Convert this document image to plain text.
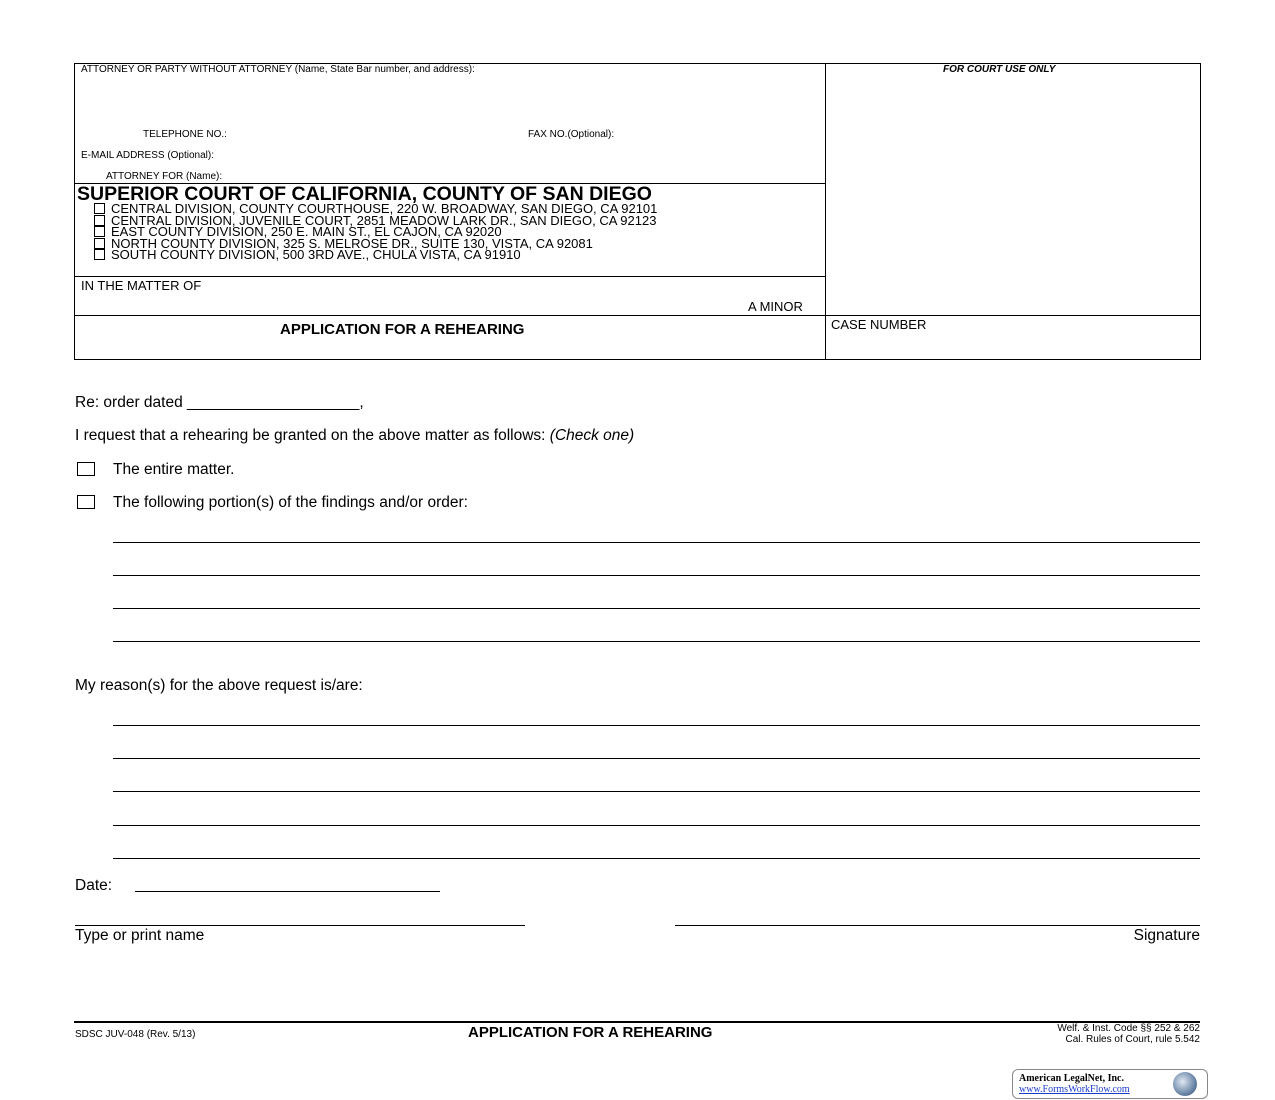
ATTORNEY OR PARTY WITHOUT ATTORNEY (Name, State Bar number, and address):	FOR COURT USE ONLY
TELEPHONE NO.:	FAX NO.(Optional):
E-MAIL ADDRESS (Optional):
ATTORNEY FOR (Name):
SUPERIOR COURT OF CALIFORNIA, COUNTY OF SAN DIEGO
CENTRAL DIVISION, COUNTY COURTHOUSE, 220 W. BROADWAY, SAN DIEGO, CA 92101
CENTRAL DIVISION, JUVENILE COURT, 2851 MEADOW LARK DR., SAN DIEGO, CA 92123
EAST COUNTY DIVISION, 250 E. MAIN ST., EL CAJON, CA 92020
NORTH COUNTY DIVISION, 325 S. MELROSE DR., SUITE 130, VISTA, CA 92081
SOUTH COUNTY DIVISION, 500 3RD AVE., CHULA VISTA, CA 91910
IN THE MATTER OF
A MINOR
APPLICATION FOR A REHEARING	CASE NUMBER
Re: order dated ____________________,
I request that a rehearing be granted on the above matter as follows: (Check one)
The entire matter.
The following portion(s) of the findings and/or order:
My reason(s) for the above request is/are:
Date:
Type or print name	Signature
SDSC JUV-048 (Rev. 5/13)	APPLICATION FOR A REHEARING	Welf. & Inst. Code §§ 252 & 262
Cal. Rules of Court, rule 5.542
American LegalNet, Inc.
www.FormsWorkFlow.com
